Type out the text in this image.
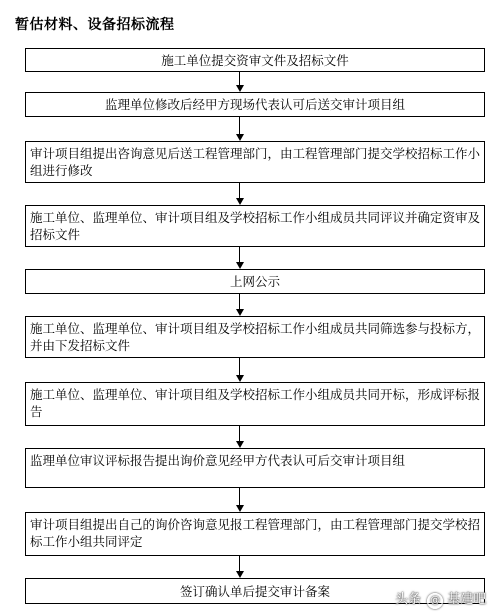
暂估材料、设备招标流程
施工单位提交资审文件及招标文件
监理单位修改后经甲方现场代表认可后送交审计项目组
审计项目组提出咨询意见后送工程管理部门，由工程管理部门提交学校招标工作小组进行修改
施工单位、监理单位、审计项目组及学校招标工作小组成员共同评议并确定资审及招标文件
上网公示
施工单位、监理单位、审计项目组及学校招标工作小组成员共同筛选参与投标方，并由下发招标文件
施工单位、监理单位、审计项目组及学校招标工作小组成员共同开标，形成评标报告
监理单位审议评标报告提出询价意见经甲方代表认可后交审计项目组
审计项目组提出自己的询价咨询意见报工程管理部门，由工程管理部门提交学校招标工作小组共同评定
签订确认单后提交审计备案
头条 @ 基建吧
